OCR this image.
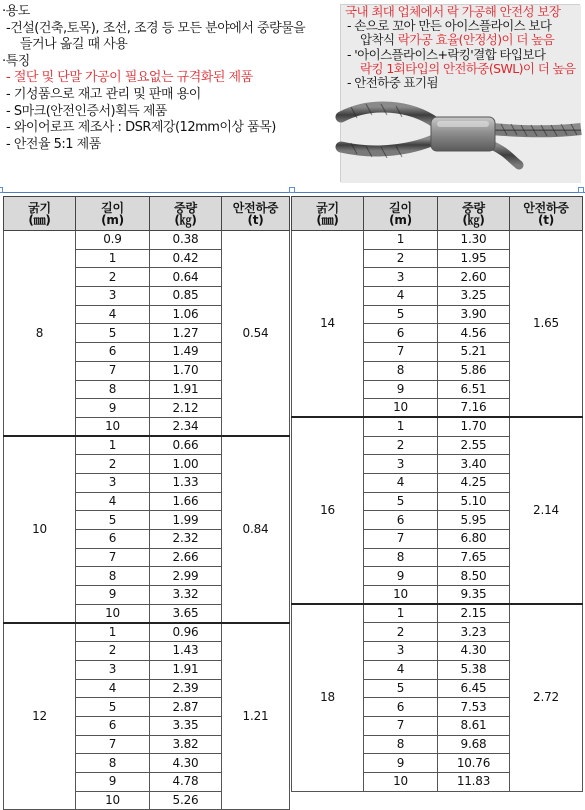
·용도
-건설(건축,토목), 조선, 조경 등 모든 분야에서 중량물을
들거나 옮길 때 사용
·특징
- 절단 및 단말 가공이 필요없는 규격화된 제품
- 기성품으로 재고 관리 및 판매 용이
- S마크(안전인증서)획득 제품
- 와이어로프 제조사 : DSR제강(12mm이상 품목)
- 안전율 5:1 제품
국내 최대 업체에서 락 가공해 안전성 보장
- 손으로 꼬아 만든 아이스플라이스 보다
압착식 락가공 효율(안정성)이 더 높음
- '아이스플라이스+락킹'결합 타입보다
락킹 1회타입의 안전하중(SWL)이 더 높음
- 안전하중 표기됨
굵기
(㎜)	길이
(m)	중량
(㎏)	안전하중
(t)
8	0.9	0.38	0.54
	1	0.42	
	2	0.64	
	3	0.85	
	4	1.06	
	5	1.27	
	6	1.49	
	7	1.70	
	8	1.91	
	9	2.12	
	10	2.34	
10	1	0.66	0.84
	2	1.00	
	3	1.33	
	4	1.66	
	5	1.99	
	6	2.32	
	7	2.66	
	8	2.99	
	9	3.32	
	10	3.65	
12	1	0.96	1.21
	2	1.43	
	3	1.91	
	4	2.39	
	5	2.87	
	6	3.35	
	7	3.82	
	8	4.30	
	9	4.78	
	10	5.26	
굵기
(㎜)	길이
(m)	중량
(㎏)	안전하중
(t)
14	1	1.30	1.65
	2	1.95	
	3	2.60	
	4	3.25	
	5	3.90	
	6	4.56	
	7	5.21	
	8	5.86	
	9	6.51	
	10	7.16	
16	1	1.70	2.14
	2	2.55	
	3	3.40	
	4	4.25	
	5	5.10	
	6	5.95	
	7	6.80	
	8	7.65	
	9	8.50	
	10	9.35	
18	1	2.15	2.72
	2	3.23	
	3	4.30	
	4	5.38	
	5	6.45	
	6	7.53	
	7	8.61	
	8	9.68	
	9	10.76	
	10	11.83	
